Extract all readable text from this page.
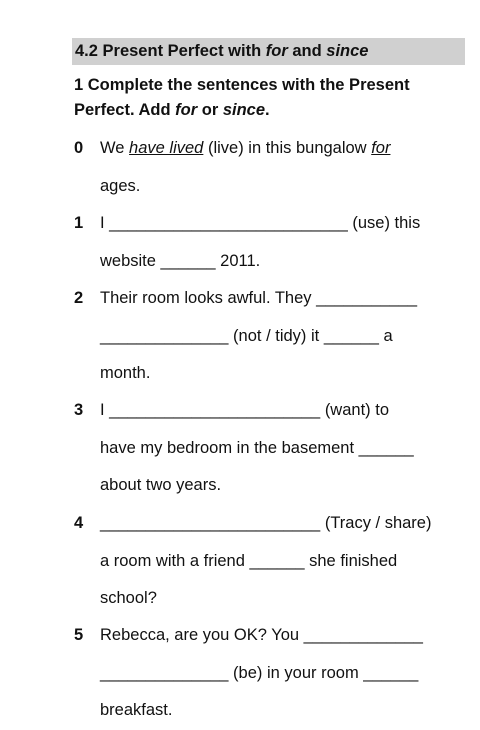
4.2 Present Perfect with for and since
1 Complete the sentences with the Present
Perfect. Add for or since.
0 We have lived (live) in this bungalow for
ages.
1 I __________________________ (use) this
website ______ 2011.
2 Their room looks awful. They ___________
______________ (not / tidy) it ______ a
month.
3 I _______________________ (want) to
have my bedroom in the basement ______
about two years.
4 ________________________ (Tracy / share)
a room with a friend ______ she finished
school?
5 Rebecca, are you OK? You _____________
______________ (be) in your room ______
breakfast.
